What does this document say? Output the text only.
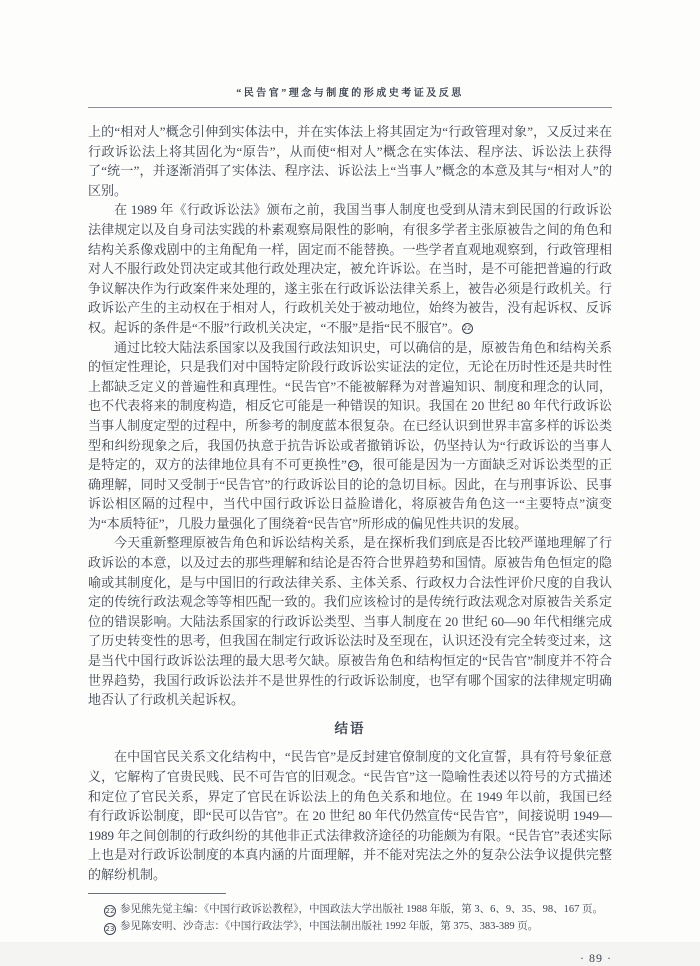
“民告官”理念与制度的形成史考证及反思

上的“相对人”概念引伸到实体法中，并在实体法上将其固定为“行政管理对象”，又反过来在行政诉讼法上将其固化为“原告”，从而使“相对人”概念在实体法、程序法、诉讼法上获得了“统一”，并逐渐消弭了实体法、程序法、诉讼法上“当事人”概念的本意及其与“相对人”的区别。

在 1989 年《行政诉讼法》颁布之前，我国当事人制度也受到从清末到民国的行政诉讼法律规定以及自身司法实践的朴素观察局限性的影响，有很多学者主张原被告之间的角色和结构关系像戏剧中的主角配角一样，固定而不能替换。一些学者直观地观察到，行政管理相对人不服行政处罚决定或其他行政处理决定，被允许诉讼。在当时，是不可能把普遍的行政争议解决作为行政案件来处理的，遂主张在行政诉讼法律关系上，被告必须是行政机关。行政诉讼产生的主动权在于相对人，行政机关处于被动地位，始终为被告，没有起诉权、反诉权。起诉的条件是“不服”行政机关决定，“不服”是指“民不服官”。 22

通过比较大陆法系国家以及我国行政法知识史，可以确信的是，原被告角色和结构关系的恒定性理论，只是我们对中国特定阶段行政诉讼实证法的定位，无论在历时性还是共时性上都缺乏定义的普遍性和真理性。“民告官”不能被解释为对普遍知识、制度和理念的认同，也不代表将来的制度构造，相反它可能是一种错误的知识。我国在 20 世纪 80 年代行政诉讼当事人制度定型的过程中，所参考的制度蓝本很复杂。在已经认识到世界丰富多样的诉讼类型和纠纷现象之后，我国仍执意于抗告诉讼或者撤销诉讼，仍坚持认为“行政诉讼的当事人是特定的，双方的法律地位具有不可更换性” 23，很可能是因为一方面缺乏对诉讼类型的正确理解，同时又受制于“民告官”的行政诉讼目的论的急切目标。因此，在与刑事诉讼、民事诉讼相区隔的过程中，当代中国行政诉讼日益脸谱化，将原被告角色这一“主要特点”演变为“本质特征”，几股力量强化了围绕着“民告官”所形成的偏见性共识的发展。

今天重新整理原被告角色和诉讼结构关系，是在探析我们到底是否比较严谨地理解了行政诉讼的本意，以及过去的那些理解和结论是否符合世界趋势和国情。原被告角色恒定的隐喻或其制度化，是与中国旧的行政法律关系、主体关系、行政权力合法性评价尺度的自我认定的传统行政法观念等等相匹配一致的。我们应该检讨的是传统行政法观念对原被告关系定位的错误影响。大陆法系国家的行政诉讼类型、当事人制度在 20 世纪 60—90 年代相继完成了历史转变性的思考，但我国在制定行政诉讼法时及至现在，认识还没有完全转变过来，这是当代中国行政诉讼法理的最大思考欠缺。原被告角色和结构恒定的“民告官”制度并不符合世界趋势，我国行政诉讼法并不是世界性的行政诉讼制度，也罕有哪个国家的法律规定明确地否认了行政机关起诉权。

结语

在中国官民关系文化结构中，“民告官”是反封建官僚制度的文化宣誓，具有符号象征意义，它解构了官贵民贱、民不可告官的旧观念。“民告官”这一隐喻性表述以符号的方式描述和定位了官民关系，界定了官民在诉讼法上的角色关系和地位。在 1949 年以前，我国已经有行政诉讼制度，即“民可以告官”。在 20 世纪 80 年代仍然宣传“民告官”，间接说明 1949—1989 年之间创制的行政纠纷的其他非正式法律救济途径的功能颇为有限。“民告官”表述实际上也是对行政诉讼制度的本真内涵的片面理解，并不能对宪法之外的复杂公法争议提供完整的解纷机制。

22 参见熊先觉主编：《中国行政诉讼教程》，中国政法大学出版社 1988 年版，第 3、6、9、35、98、167 页。
23 参见陈安明、沙奇志：《中国行政法学》，中国法制出版社 1992 年版，第 375、383-389 页。
· 89 ·
